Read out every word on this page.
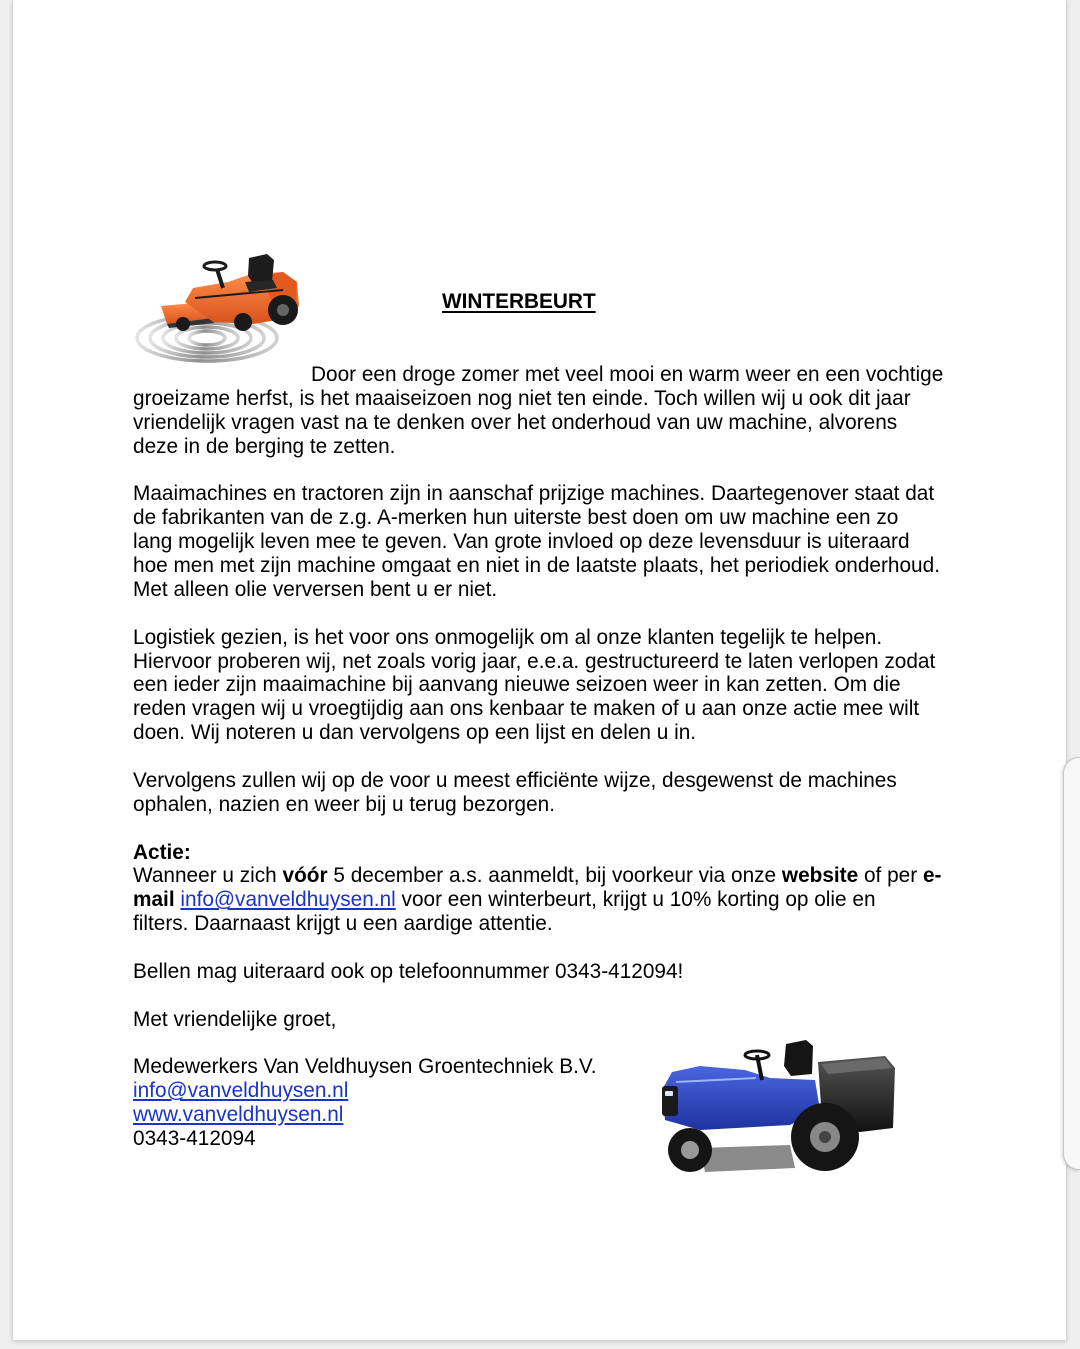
WINTERBEURT
Door een droge zomer met veel mooi en warm weer en een vochtige
groeizame herfst, is het maaiseizoen nog niet ten einde. Toch willen wij u ook dit jaar
vriendelijk vragen vast na te denken over het onderhoud van uw machine, alvorens
deze in de berging te zetten.
Maaimachines en tractoren zijn in aanschaf prijzige machines. Daartegenover staat dat
de fabrikanten van de z.g. A-merken hun uiterste best doen om uw machine een zo
lang mogelijk leven mee te geven. Van grote invloed op deze levensduur is uiteraard
hoe men met zijn machine omgaat en niet in de laatste plaats, het periodiek onderhoud.
Met alleen olie verversen bent u er niet.
Logistiek gezien, is het voor ons onmogelijk om al onze klanten tegelijk te helpen.
Hiervoor proberen wij, net zoals vorig jaar, e.e.a. gestructureerd te laten verlopen zodat
een ieder zijn maaimachine bij aanvang nieuwe seizoen weer in kan zetten. Om die
reden vragen wij u vroegtijdig aan ons kenbaar te maken of u aan onze actie mee wilt
doen. Wij noteren u dan vervolgens op een lijst en delen u in.
Vervolgens zullen wij op de voor u meest efficiënte wijze, desgewenst de machines
ophalen, nazien en weer bij u terug bezorgen.
Actie:
Wanneer u zich vóór 5 december a.s. aanmeldt, bij voorkeur via onze website of per e-
mail info@vanveldhuysen.nl voor een winterbeurt, krijgt u 10% korting op olie en
filters. Daarnaast krijgt u een aardige attentie.
Bellen mag uiteraard ook op telefoonnummer 0343-412094!
Met vriendelijke groet,
Medewerkers Van Veldhuysen Groentechniek B.V.
info@vanveldhuysen.nl
www.vanveldhuysen.nl
0343-412094
